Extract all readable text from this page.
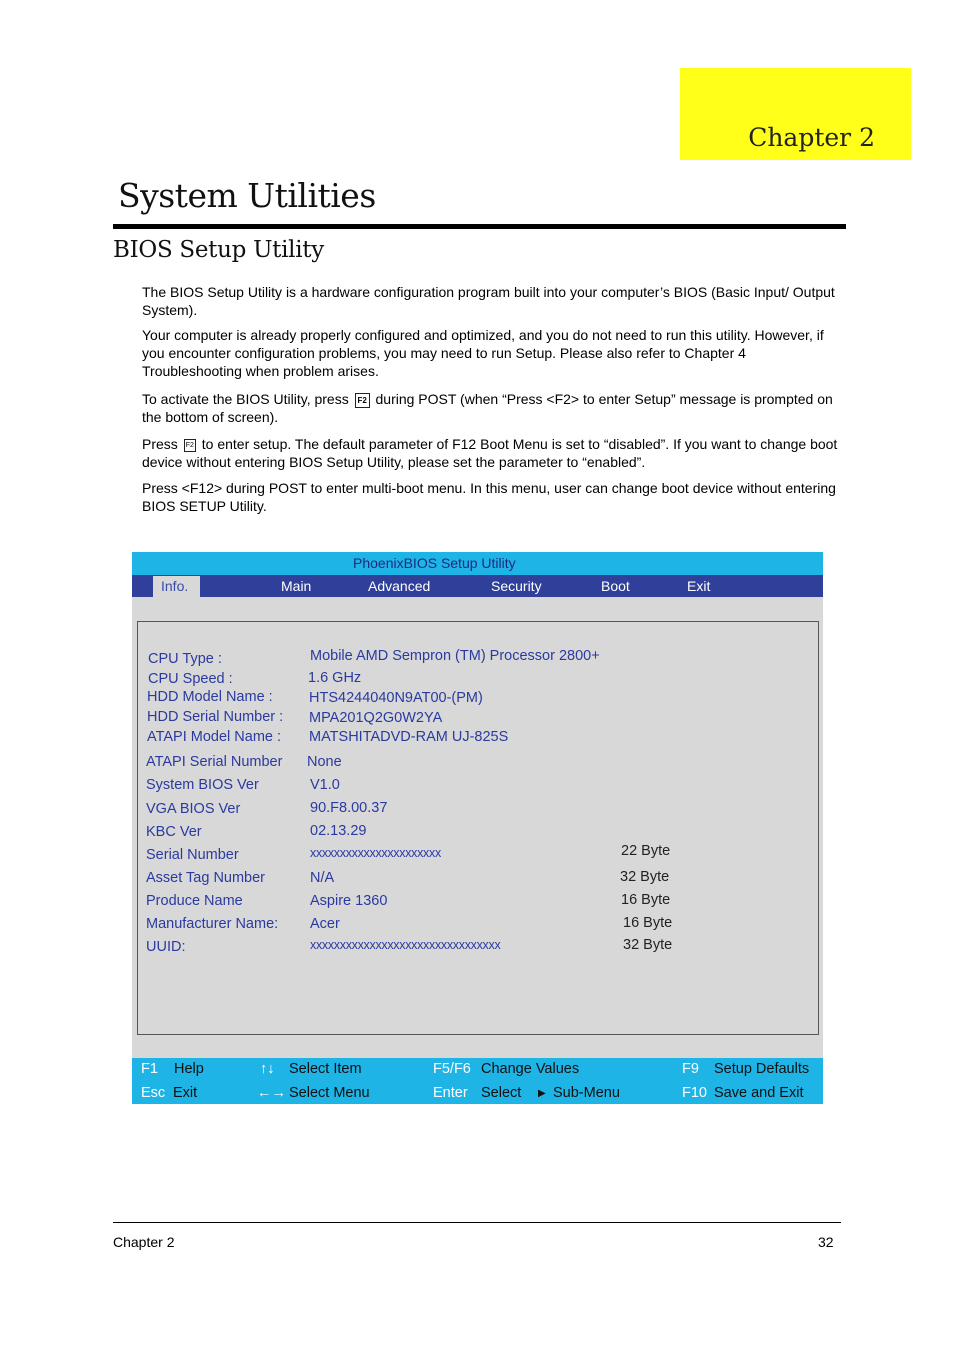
Chapter 2
System Utilities
BIOS Setup Utility
The BIOS Setup Utility is a hardware configuration program built into your computer’s BIOS (Basic Input/ Output System).
Your computer is already properly configured and optimized, and you do not need to run this utility. However, if you encounter configuration problems, you may need to run Setup. Please also refer to Chapter 4 Troubleshooting when problem arises.
To activate the BIOS Utility, press F2 during POST (when “Press <F2> to enter Setup” message is prompted on the bottom of screen).
Press F2 to enter setup. The default parameter of F12 Boot Menu is set to “disabled”. If you want to change boot device without entering BIOS Setup Utility, please set the parameter to “enabled”.
Press <F12> during POST to enter multi-boot menu. In this menu, user can change boot device without entering BIOS SETUP Utility.
PhoenixBIOS Setup Utility
Info.	Main	Advanced	Security	Boot	Exit
CPU Type :	Mobile AMD Sempron (TM) Processor 2800+
CPU Speed :	1.6 GHz
HDD Model Name :	HTS4244040N9AT00-(PM)
HDD Serial Number : MPA201Q2G0W2YA
ATAPI Model Name : MATSHITADVD-RAM UJ-825S
ATAPI Serial Number None
System BIOS Ver	V1.0
VGA BIOS Ver	90.F8.00.37
KBC Ver	02.13.29
Serial Number	xxxxxxxxxxxxxxxxxxxxxx	22 Byte
Asset Tag Number	N/A	32 Byte
Produce Name	Aspire 1360	16 Byte
Manufacturer Name: Acer	16 Byte
UUID:	xxxxxxxxxxxxxxxxxxxxxxxxxxxxxxxx	32 Byte
F1 Help	↑↓ Select Item	F5/F6 Change Values	F9 Setup Defaults
Esc Exit	←→ Select Menu	Enter Select ▶ Sub-Menu	F10 Save and Exit
Chapter 2	32
